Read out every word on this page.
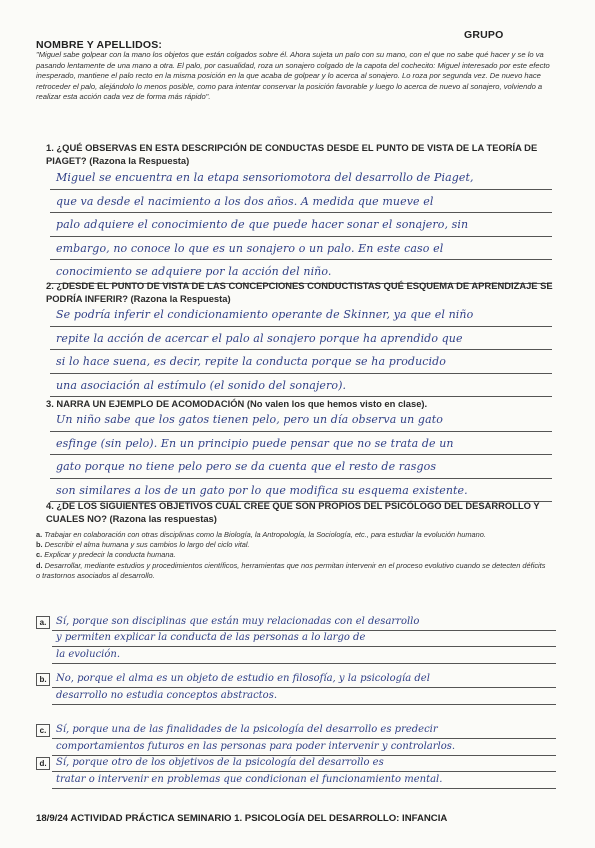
NOMBRE Y APELLIDOS:
GRUPO
"Miguel sabe golpear con la mano los objetos que están colgados sobre él. Ahora sujeta un palo con su mano, con el que no sabe qué hacer y se lo va pasando lentamente de una mano a otra. El palo, por casualidad, roza un sonajero colgado de la capota del cochecito: Miguel interesado por este efecto inesperado, mantiene el palo recto en la misma posición en la que acaba de golpear y lo acerca al sonajero. Lo roza por segunda vez. De nuevo hace retroceder el palo, alejándolo lo menos posible, como para intentar conservar la posición favorable y luego lo acerca de nuevo al sonajero, volviendo a realizar esta acción cada vez de forma más rápido".
1. ¿QUÉ OBSERVAS EN ESTA DESCRIPCIÓN DE CONDUCTAS DESDE EL PUNTO DE VISTA DE LA TEORÍA DE PIAGET? (Razona la Respuesta)
Miguel se encuentra en la etapa sensoriomotora del desarrollo de Piaget,
que va desde el nacimiento a los dos años. A medida que mueve el
palo adquiere el conocimiento de que puede hacer sonar el sonajero, sin
embargo, no conoce lo que es un sonajero o un palo. En este caso el
conocimiento se adquiere por la acción del niño.
2. ¿DESDE EL PUNTO DE VISTA DE LAS CONCEPCIONES CONDUCTISTAS QUÉ ESQUEMA DE APRENDIZAJE SE PODRÍA INFERIR? (Razona la Respuesta)
Se podría inferir el condicionamiento operante de Skinner, ya que el niño
repite la acción de acercar el palo al sonajero porque ha aprendido que
si lo hace suena, es decir, repite la conducta porque se ha producido
una asociación al estímulo (el sonido del sonajero).
3. NARRA UN EJEMPLO DE ACOMODACIÓN (No valen los que hemos visto en clase).
Un niño sabe que los gatos tienen pelo, pero un día observa un gato
esfinge (sin pelo). En un principio puede pensar que no se trata de un
gato porque no tiene pelo pero se da cuenta que el resto de rasgos
son similares a los de un gato por lo que modifica su esquema existente.
4. ¿DE LOS SIGUIENTES OBJETIVOS CUÁL CREE QUE SON PROPIOS DEL PSICÓLOGO DEL DESARROLLO Y CUALES NO? (Razona las respuestas)
a. Trabajar en colaboración con otras disciplinas como la Biología, la Antropología, la Sociología, etc., para estudiar la evolución humano.
b. Describir el alma humana y sus cambios lo largo del ciclo vital.
c. Explicar y predecir la conducta humana.
d. Desarrollar, mediante estudios y procedimientos científicos, herramientas que nos permitan intervenir en el proceso evolutivo cuando se detecten déficits o trastornos asociados al desarrollo.
a. Sí, porque son disciplinas que están muy relacionadas con el desarrollo
y permiten explicar la conducta de las personas a lo largo de
la evolución.
b. No, porque el alma es un objeto de estudio en filosofía, y la psicología del
desarrollo no estudia conceptos abstractos.
c. Sí, porque una de las finalidades de la psicología del desarrollo es predecir
comportamientos futuros en las personas para poder intervenir y controlarlos.
d. Sí, porque otro de los objetivos de la psicología del desarrollo es
tratar o intervenir en problemas que condicionan el funcionamiento mental.
18/9/24 ACTIVIDAD PRÁCTICA SEMINARIO 1. PSICOLOGÍA DEL DESARROLLO: INFANCIA
